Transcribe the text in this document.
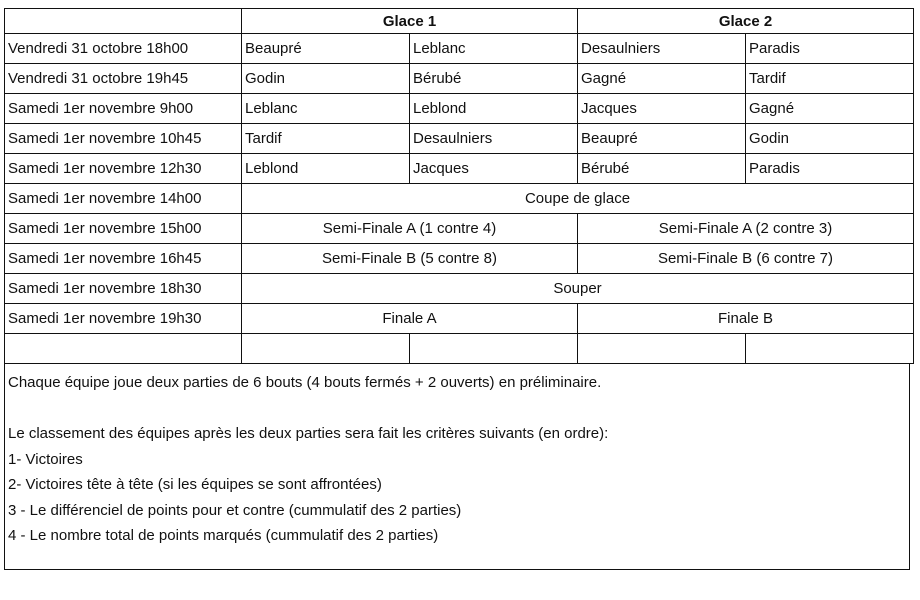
	Glace 1		Glace 2	
Vendredi 31 octobre 18h00	Beaupré	Leblanc	Desaulniers	Paradis
Vendredi 31 octobre 19h45	Godin	Bérubé	Gagné	Tardif
Samedi 1er novembre 9h00	Leblanc	Leblond	Jacques	Gagné
Samedi 1er novembre 10h45	Tardif	Desaulniers	Beaupré	Godin
Samedi 1er novembre 12h30	Leblond	Jacques	Bérubé	Paradis
Samedi 1er novembre 14h00	Coupe de glace			
Samedi 1er novembre 15h00	Semi-Finale A (1 contre 4)		Semi-Finale A (2 contre 3)	
Samedi 1er novembre 16h45	Semi-Finale B (5 contre 8)		Semi-Finale B (6 contre 7)	
Samedi 1er novembre 18h30	Souper			
Samedi 1er novembre 19h30	Finale A		Finale B	

Chaque équipe joue deux parties de 6 bouts (4 bouts fermés + 2 ouverts) en préliminaire.
Le classement des équipes après les deux parties sera fait les critères suivants (en ordre):
1- Victoires
2- Victoires tête à tête (si les équipes se sont affrontées)
3 - Le différenciel de points pour et contre (cummulatif des 2 parties)
4 - Le nombre total de points marqués (cummulatif des 2 parties)
